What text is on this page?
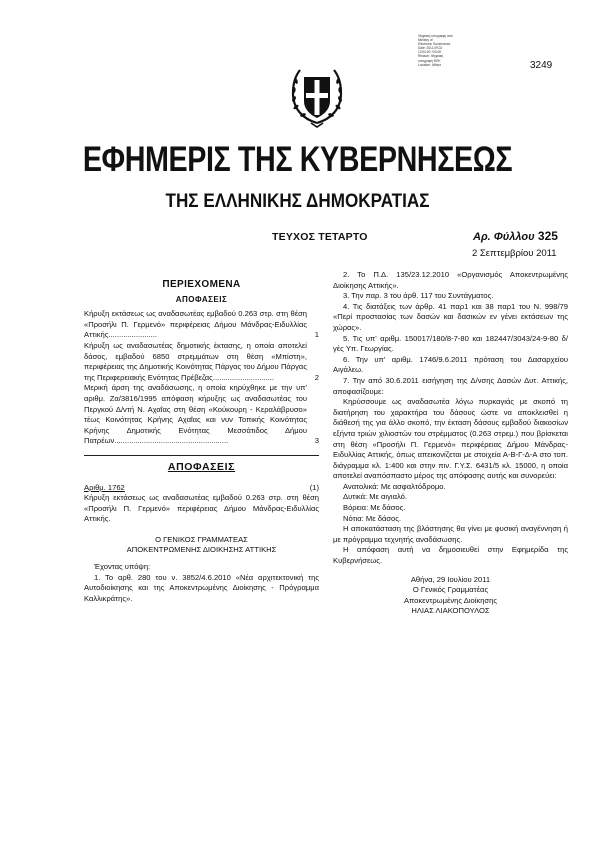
Ψηφιακή υπογραφή από
Ministry of
Electronic Governance
Date: 2011.09.02
12:00:00 +03:00
Reason: Ψηφιακή
υπογραφή ΦΕΚ
Location: Αθήνα	3249
ΕΦΗΜΕΡΙΣ ΤΗΣ ΚΥΒΕΡΝΗΣΕΩΣ
ΤΗΣ ΕΛΛΗΝΙΚΗΣ ΔΗΜΟΚΡΑΤΙΑΣ
ΤΕΥΧΟΣ ΤΕΤΑΡΤΟ	Αρ. Φύλλου 325
2 Σεπτεμβρίου 2011

ΠΕΡΙΕΧΟΜΕΝΑ

ΑΠΟΦΑΣΕΙΣ

Κήρυξη εκτάσεως ως αναδασωτέας εμβαδού 0.263 στρ. στη θέση «Προσήλι Π. Γερμενό» περιφέρειας Δήμου Μάνδρας-Ειδυλλίας Αττικής.......................	1

Κήρυξη ως αναδασωτέας δημοτικής έκτασης, η οποία αποτελεί δάσος, εμβαδού 6850 στρεμμάτων στη θέση «Μπίστη», περιφέρειας της Δημοτικής Κοινότητας Πάργας του Δήμου Πάργας της Περιφερειακής Ενότητας Πρέβεζας.............................	2

Μερική άρση της αναδάσωσης, η οποία κηρύχθηκε με την υπ' αριθμ. Ζα/3816/1995 απόφαση κήρυξης ως αναδασωτέας του Περγκού Δ/ντή Ν. Αχαΐας στη θέση «Κούκουρη - Κεραλάβρυσο» τέως Κοινότητας Κρήνης Αχαΐας και νυν Τοπικής Κοινότητας Κρήνης Δημοτικής Ενότητας Μεσσάτιδος Δήμου Πατρέων......................................................	3

ΑΠΟΦΑΣΕΙΣ

Αριθμ. 1762	(1)

Κήρυξη εκτάσεως ως αναδασωτέας εμβαδού 0.263 στρ. στη θέση «Προσήλι Π. Γερμενό» περιφέρειας Δήμου Μάνδρας-Ειδυλλίας Αττικής.

Ο ΓΕΝΙΚΟΣ ΓΡΑΜΜΑΤΕΑΣ

ΑΠΟΚΕΝΤΡΩΜΕΝΗΣ ΔΙΟΙΚΗΣΗΣ ΑΤΤΙΚΗΣ

Έχοντας υπόψη:

1. Το αρθ. 280 του ν. 3852/4.6.2010 «Νέα αρχιτεκτονική της Αυτοδιοίκησης και της Αποκεντρωμένης Διοίκησης - Πρόγραμμα Καλλικράτης».

2. Το Π.Δ. 135/23.12.2010 «Οργανισμός Αποκεντρωμένης Διοίκησης Αττικής».

3. Την παρ. 3 του άρθ. 117 του Συντάγματος.

4. Τις διατάξεις των άρθρ. 41 παρ1 και 38 παρ1 του Ν. 998/79 «Περί προστασίας των δασών και δασικών εν γένει εκτάσεων της χώρας».

5. Τις υπ' αριθμ. 150017/180/8-7-80 και 182447/3043/24-9-80 δ/γές Υπ. Γεωργίας.

6. Την υπ' αριθμ. 1746/9.6.2011 πρόταση του Δασαρχείου Αιγάλεω.

7. Την από 30.6.2011 εισήγηση της Δ/νσης Δασών Δυτ. Αττικής, αποφασίζουμε:

Κηρύσσουμε ως αναδασωτέα λόγω πυρκαγιάς με σκοπό τη διατήρηση του χαρακτήρα του δάσους ώστε να αποκλεισθεί η διάθεσή της για άλλο σκοπό, την έκταση δάσους εμβαδού διακοσίων εξήντα τριών χιλιοστών του στρέμματος (0.263 στρεμ.) που βρίσκεται στη θέση «Προσήλι Π. Γερμενό» περιφέρειας Δήμου Μάνδρας-Ειδυλλίας Αττικής, όπως απεικονίζεται με στοιχεία Α-Β-Γ-Δ-Α στο τοπ. διάγραμμα κλ. 1:400 και στην πιν. Γ.Υ.Σ. 6431/5 κλ. 15000, η οποία αποτελεί αναπόσπαστο μέρος της απόφασης αυτής και συνορεύει:

Ανατολικά: Με ασφαλτόδρομο.

Δυτικά: Με αιγιαλό.

Βόρεια: Με δάσος.

Νότια: Με δάσος.

Η αποκατάσταση της βλάστησης θα γίνει με φυσική αναγέννηση ή με πρόγραμμα τεχνητής αναδάσωσης.

Η απόφαση αυτή να δημοσιευθεί στην Εφημερίδα της Κυβερνήσεως.

Αθήνα, 29 Ιουλίου 2011

Ο Γενικός Γραμματέας

Αποκεντρωμένης Διοίκησης

ΗΛΙΑΣ ΛΙΑΚΟΠΟΥΛΟΣ
